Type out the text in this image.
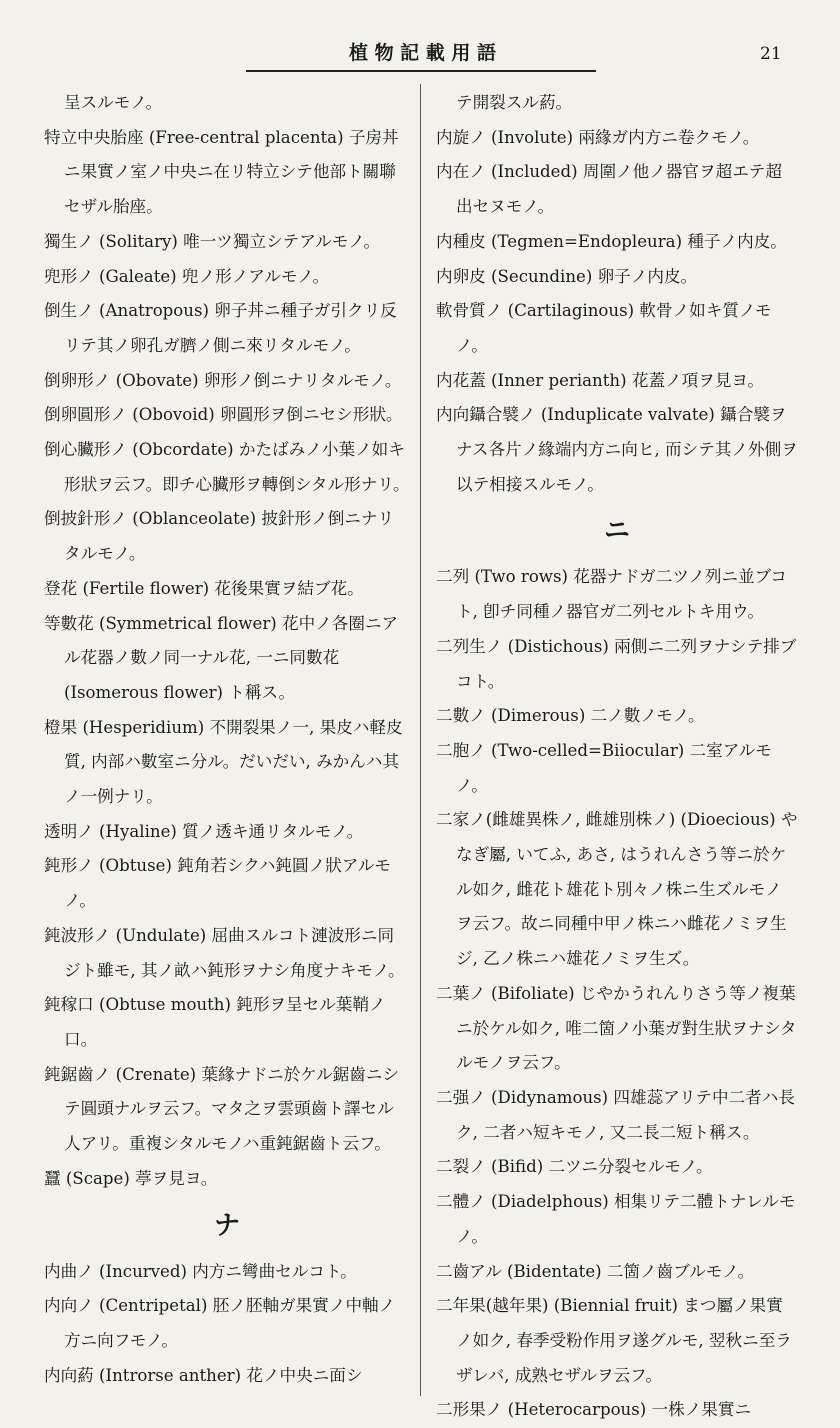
植 物 記 載 用 語	21
呈スルモノ。
特立中央胎座 (Free-central placenta) 子房丼ニ果實ノ室ノ中央ニ在リ特立シテ他部ト關聯セザル胎座。
獨生ノ (Solitary) 唯一ツ獨立シテアルモノ。
兜形ノ (Galeate) 兜ノ形ノアルモノ。
倒生ノ (Anatropous) 卵子丼ニ種子ガ引クリ反リテ其ノ卵孔ガ臍ノ側ニ來リタルモノ。
倒卵形ノ (Obovate) 卵形ノ倒ニナリタルモノ。
倒卵圓形ノ (Obovoid) 卵圓形ヲ倒ニセシ形狀。
倒心臟形ノ (Obcordate) かたばみノ小葉ノ如キ形狀ヲ云フ。即チ心臟形ヲ轉倒シタル形ナリ。
倒披針形ノ (Oblanceolate) 披針形ノ倒ニナリタルモノ。
登花 (Fertile flower) 花後果實ヲ結ブ花。
等數花 (Symmetrical flower) 花中ノ各圈ニアル花器ノ數ノ同一ナル花, 一ニ同數花 (Isomerous flower) ト稱ス。
橙果 (Hesperidium) 不開裂果ノ一, 果皮ハ軽皮質, 内部ハ數室ニ分ル。だいだい, みかんハ其ノ一例ナリ。
透明ノ (Hyaline) 質ノ透キ通リタルモノ。
鈍形ノ (Obtuse) 鈍角若シクハ鈍圓ノ狀アルモノ。
鈍波形ノ (Undulate) 屈曲スルコト漣波形ニ同ジト雖モ, 其ノ畝ハ鈍形ヲナシ角度ナキモノ。
鈍稼口 (Obtuse mouth) 鈍形ヲ呈セル葉鞘ノ口。
鈍鋸齒ノ (Crenate) 葉緣ナドニ於ケル鋸齒ニシテ圓頭ナルヲ云フ。マタ之ヲ雲頭齒ト譯セル人アリ。重複シタルモノハ重鈍鋸齒ト云フ。
蠶 (Scape) 葶ヲ見ヨ。
ナ
内曲ノ (Incurved) 内方ニ彎曲セルコト。
内向ノ (Centripetal) 胚ノ胚軸ガ果實ノ中軸ノ方ニ向フモノ。
内向葯 (Introrse anther) 花ノ中央ニ面シ
テ開裂スル葯。
内旋ノ (Involute) 兩緣ガ内方ニ卷クモノ。
内在ノ (Included) 周圍ノ他ノ器官ヲ超エテ超出セヌモノ。
内種皮 (Tegmen=Endopleura) 種子ノ内皮。
内卵皮 (Secundine) 卵子ノ内皮。
軟骨質ノ (Cartilaginous) 軟骨ノ如キ質ノモノ。
内花蓋 (Inner perianth) 花蓋ノ項ヲ見ヨ。
内向鑷合襞ノ (Induplicate valvate) 鑷合襞ヲナス各片ノ緣端内方ニ向ヒ, 而シテ其ノ外側ヲ以テ相接スルモノ。
ニ
二列 (Two rows) 花器ナドガ二ツノ列ニ並ブコト, 卽チ同種ノ器官ガ二列セルトキ用ウ。
二列生ノ (Distichous) 兩側ニ二列ヲナシテ排ブコト。
二數ノ (Dimerous) 二ノ數ノモノ。
二胞ノ (Two-celled=Biiocular) 二室アルモノ。
二家ノ(雌雄異株ノ, 雌雄別株ノ) (Dioecious) やなぎ屬, いてふ, あさ, はうれんさう等ニ於ケル如ク, 雌花ト雄花ト別々ノ株ニ生ズルモノヲ云フ。故ニ同種中甲ノ株ニハ雌花ノミヲ生ジ, 乙ノ株ニハ雄花ノミヲ生ズ。
二葉ノ (Bifoliate) じやかうれんりさう等ノ複葉ニ於ケル如ク, 唯二箇ノ小葉ガ對生狀ヲナシタルモノヲ云フ。
二强ノ (Didynamous) 四雄蕊アリテ中二者ハ長ク, 二者ハ短キモノ, 又二長二短ト稱ス。
二裂ノ (Bifid) 二ツニ分裂セルモノ。
二體ノ (Diadelphous) 相集リテ二體トナレルモノ。
二齒アル (Bidentate) 二箇ノ齒ブルモノ。
二年果(越年果) (Biennial fruit) まつ屬ノ果實ノ如ク, 春季受粉作用ヲ遂グルモ, 翌秋ニ至ラザレバ, 成熟セザルヲ云フ。
二形果ノ (Heterocarpous) 一株ノ果實ニ
